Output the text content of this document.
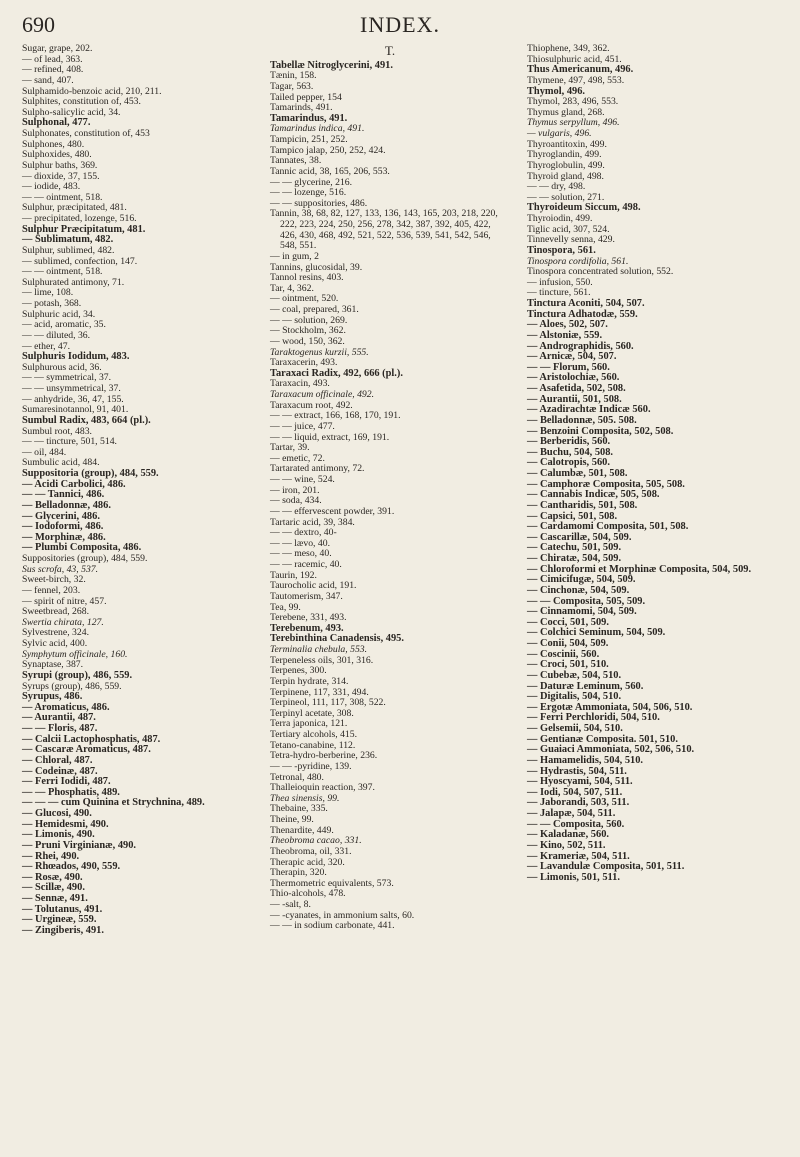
690	INDEX.
Sugar, grape, 202.
— of lead, 363.
— refined, 408.
— sand, 407.
Sulphamido-benzoic acid, 210, 211.
Sulphites, constitution of, 453.
Sulpho-salicylic acid, 34.
Sulphonal, 477.
Sulphonates, constitution of, 453
Sulphones, 480.
Sulphoxides, 480.
Sulphur baths, 369.
— dioxide, 37, 155.
— iodide, 483.
— — ointment, 518.
Sulphur, præcipitated, 481.
— precipitated, lozenge, 516.
Sulphur Præcipitatum, 481.
— Sublimatum, 482.
Sulphur, sublimed, 482.
— sublimed, confection, 147.
— — ointment, 518.
Sulphurated antimony, 71.
— lime, 108.
— potash, 368.
Sulphuric acid, 34.
— acid, aromatic, 35.
— — diluted, 36.
— ether, 47.
Sulphuris Iodidum, 483.
Sulphurous acid, 36.
— — symmetrical, 37.
— — unsymmetrical, 37.
— anhydride, 36, 47, 155.
Sumaresinotannol, 91, 401.
Sumbul Radix, 483, 664 (pl.).
Sumbul root, 483.
— — tincture, 501, 514.
— oil, 484.
Sumbulic acid, 484.
Suppositoria (group), 484, 559.
— Acidi Carbolici, 486.
— — Tannici, 486.
— Belladonnæ, 486.
— Glycerini, 486.
— Iodoformi, 486.
— Morphinæ, 486.
— Plumbi Composita, 486.
Suppositories (group), 484, 559.
Sus scrofa, 43, 537.
Sweet-birch, 32.
— fennel, 203.
— spirit of nitre, 457.
Sweetbread, 268.
Swertia chirata, 127.
Sylvestrene, 324.
Sylvic acid, 400.
Symphytum officinale, 160.
Synaptase, 387.
Syrupi (group), 486, 559.
Syrups (group), 486, 559.
Syrupus, 486.
— Aromaticus, 486.
— Aurantii, 487.
— — Floris, 487.
— Calcii Lactophosphatis, 487.
— Cascaræ Aromaticus, 487.
— Chloral, 487.
— Codeinæ, 487.
— Ferri Iodidi, 487.
— — Phosphatis, 489.
— — — cum Quinina et Strychnina, 489.
— Glucosi, 490.
— Hemidesmi, 490.
— Limonis, 490.
— Pruni Virginianæ, 490.
— Rhei, 490.
— Rhœados, 490, 559.
— Rosæ, 490.
— Scillæ, 490.
— Sennæ, 491.
— Tolutanus, 491.
— Urgineæ, 559.
— Zingiberis, 491.
T.
Tabellæ Nitroglycerini, 491.
Tænin, 158.
Tagar, 563.
Tailed pepper, 154
Tamarinds, 491.
Tamarindus, 491.
Tamarindus indica, 491.
Tampicin, 251, 252.
Tampico jalap, 250, 252, 424.
Tannates, 38.
Tannic acid, 38, 165, 206, 553.
— — glycerine, 216.
— — lozenge, 516.
— — suppositories, 486.
Tannin, 38, 68, 82, 127, 133, 136, 143, 165, 203, 218, 220, 222, 223, 224, 250, 256, 278, 342, 387, 392, 405, 422, 426, 430, 468, 492, 521, 522, 536, 539, 541, 542, 546, 548, 551.
— in gum, 2
Tannins, glucosidal, 39.
Tannol resins, 403.
Tar, 4, 362.
— ointment, 520.
— coal, prepared, 361.
— — solution, 269.
— Stockholm, 362.
— wood, 150, 362.
Taraktogenus kurzii, 555.
Taraxacerin, 493.
Taraxaci Radix, 492, 666 (pl.).
Taraxacin, 493.
Taraxacum officinale, 492.
Taraxacum root, 492.
— — extract, 166, 168, 170, 191.
— — juice, 477.
— — liquid, extract, 169, 191.
Tartar, 39.
— emetic, 72.
Tartarated antimony, 72.
— — wine, 524.
— iron, 201.
— soda, 434.
— — effervescent powder, 391.
Tartaric acid, 39, 384.
— — dextro, 40-
— — lævo, 40.
— — meso, 40.
— — racemic, 40.
Taurin, 192.
Taurocholic acid, 191.
Tautomerism, 347.
Tea, 99.
Terebene, 331, 493.
Terebenum, 493.
Terebinthina Canadensis, 495.
Terminalia chebula, 553.
Terpeneless oils, 301, 316.
Terpenes, 300.
Terpin hydrate, 314.
Terpinene, 117, 331, 494.
Terpineol, 111, 117, 308, 522.
Terpinyl acetate, 308.
Terra japonica, 121.
Tertiary alcohols, 415.
Tetano-canabine, 112.
Tetra-hydro-berberine, 236.
— — -pyridine, 139.
Tetronal, 480.
Thalleioquin reaction, 397.
Thea sinensis, 99.
Thebaine, 335.
Theine, 99.
Thenardite, 449.
Theobroma cacao, 331.
Theobroma, oil, 331.
Therapic acid, 320.
Therapin, 320.
Thermometric equivalents, 573.
Thio-alcohols, 478.
— -salt, 8.
— -cyanates, in ammonium salts, 60.
— — in sodium carbonate, 441.
Thiophene, 349, 362.
Thiosulphuric acid, 451.
Thus Americanum, 496.
Thymene, 497, 498, 553.
Thymol, 496.
Thymol, 283, 496, 553.
Thymus gland, 268.
Thymus serpyllum, 496.
— vulgaris, 496.
Thyroantitoxin, 499.
Thyroglandin, 499.
Thyroglobulin, 499.
Thyroid gland, 498.
— — dry, 498.
— — solution, 271.
Thyroideum Siccum, 498.
Thyroiodin, 499.
Tiglic acid, 307, 524.
Tinnevelly senna, 429.
Tinospora, 561.
Tinospora cordifolia, 561.
Tinospora concentrated solution, 552.
— infusion, 550.
— tincture, 561.
Tinctura Aconiti, 504, 507.
Tinctura Adhatodæ, 559.
— Aloes, 502, 507.
— Alstoniæ, 559.
— Andrographidis, 560.
— Arnicæ, 504, 507.
— — Florum, 560.
— Aristolochiæ, 560.
— Asafetida, 502, 508.
— Aurantii, 501, 508.
— Azadirachtæ Indicæ 560.
— Belladonnæ, 505. 508.
— Benzoini Composita, 502, 508.
— Berberidis, 560.
— Buchu, 504, 508.
— Calotropis, 560.
— Calumbæ, 501, 508.
— Camphoræ Composita, 505, 508.
— Cannabis Indicæ, 505, 508.
— Cantharidis, 501, 508.
— Capsici, 501, 508.
— Cardamomi Composita, 501, 508.
— Cascarillæ, 504, 509.
— Catechu, 501, 509.
— Chiratæ, 504, 509.
— Chloroformi et Morphinæ Composita, 504, 509.
— Cimicifugæ, 504, 509.
— Cinchonæ, 504, 509.
— — Composita, 505, 509.
— Cinnamomi, 504, 509.
— Cocci, 501, 509.
— Colchici Seminum, 504, 509.
— Conii, 504, 509.
— Coscinii, 560.
— Croci, 501, 510.
— Cubebæ, 504, 510.
— Daturæ Leminum, 560.
— Digitalis, 504, 510.
— Ergotæ Ammoniata, 504, 506, 510.
— Ferri Perchloridi, 504, 510.
— Gelsemii, 504, 510.
— Gentianæ Composita. 501, 510.
— Guaiaci Ammoniata, 502, 506, 510.
— Hamamelidis, 504, 510.
— Hydrastis, 504, 511.
— Hyoscyami, 504, 511.
— Iodi, 504, 507, 511.
— Jaborandi, 503, 511.
— Jalapæ, 504, 511.
— — Composita, 560.
— Kaladanæ, 560.
— Kino, 502, 511.
— Krameriæ, 504, 511.
— Lavandulæ Composita, 501, 511.
— Limonis, 501, 511.
